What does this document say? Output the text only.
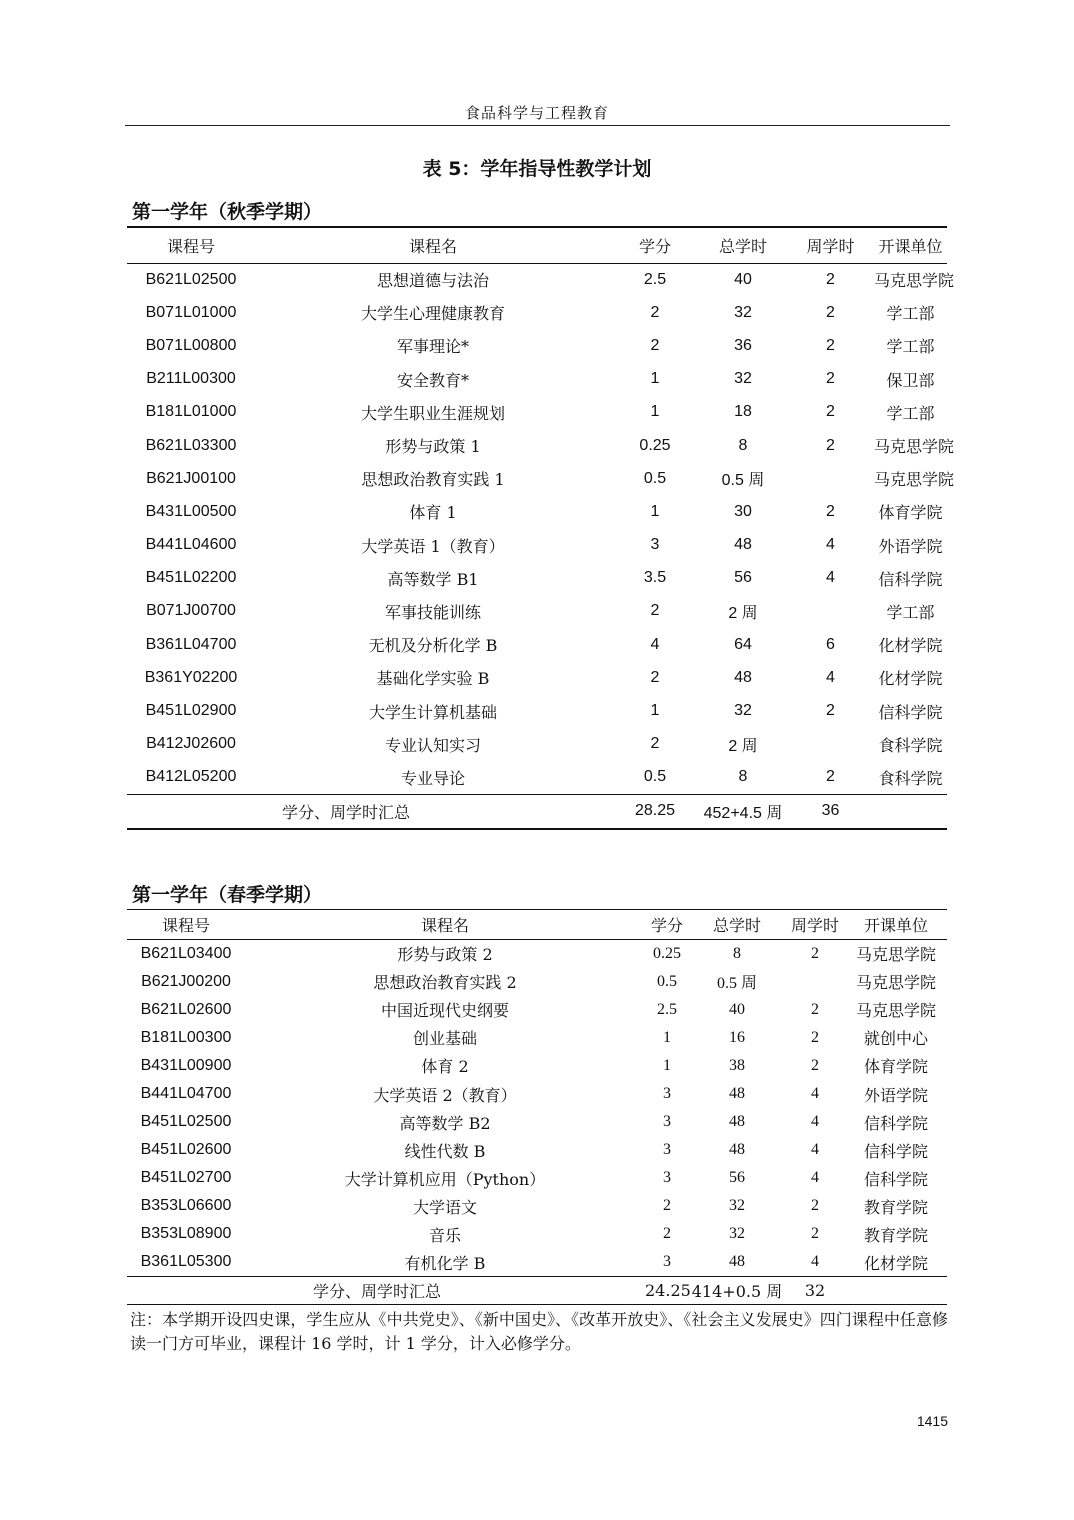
食品科学与工程教育
表 5：学年指导性教学计划
第一学年（秋季学期）
课程号	课程名	学分	总学时	周学时	开课单位
B621L02500	思想道德与法治	2.5	40	2	马克思学院
B071L01000	大学生心理健康教育	2	32	2	学工部
B071L00800	军事理论*	2	36	2	学工部
B211L00300	安全教育*	1	32	2	保卫部
B181L01000	大学生职业生涯规划	1	18	2	学工部
B621L03300	形势与政策 1	0.25	8	2	马克思学院
B621J00100	思想政治教育实践 1	0.5	0.5 周		马克思学院
B431L00500	体育 1	1	30	2	体育学院
B441L04600	大学英语 1（教育）	3	48	4	外语学院
B451L02200	高等数学 B1	3.5	56	4	信科学院
B071J00700	军事技能训练	2	2 周		学工部
B361L04700	无机及分析化学 B	4	64	6	化材学院
B361Y02200	基础化学实验 B	2	48	4	化材学院
B451L02900	大学生计算机基础	1	32	2	信科学院
B412J02600	专业认知实习	2	2 周		食科学院
B412L05200	专业导论	0.5	8	2	食科学院
学分、周学时汇总		28.25	452+4.5 周	36	
第一学年（春季学期）
课程号	课程名	学分	总学时	周学时	开课单位
B621L03400	形势与政策 2	0.25	8	2	马克思学院
B621J00200	思想政治教育实践 2	0.5	0.5 周		马克思学院
B621L02600	中国近现代史纲要	2.5	40	2	马克思学院
B181L00300	创业基础	1	16	2	就创中心
B431L00900	体育 2	1	38	2	体育学院
B441L04700	大学英语 2（教育）	3	48	4	外语学院
B451L02500	高等数学 B2	3	48	4	信科学院
B451L02600	线性代数 B	3	48	4	信科学院
B451L02700	大学计算机应用（Python）	3	56	4	信科学院
B353L06600	大学语文	2	32	2	教育学院
B353L08900	音乐	2	32	2	教育学院
B361L05300	有机化学 B	3	48	4	化材学院
学分、周学时汇总		24.25	414+0.5 周	32	
注：本学期开设四史课，学生应从《中共党史》、《新中国史》、《改革开放史》、《社会主义发展史》四门课程中任意修读一门方可毕业，课程计 16 学时，计 1 学分，计入必修学分。
1415
